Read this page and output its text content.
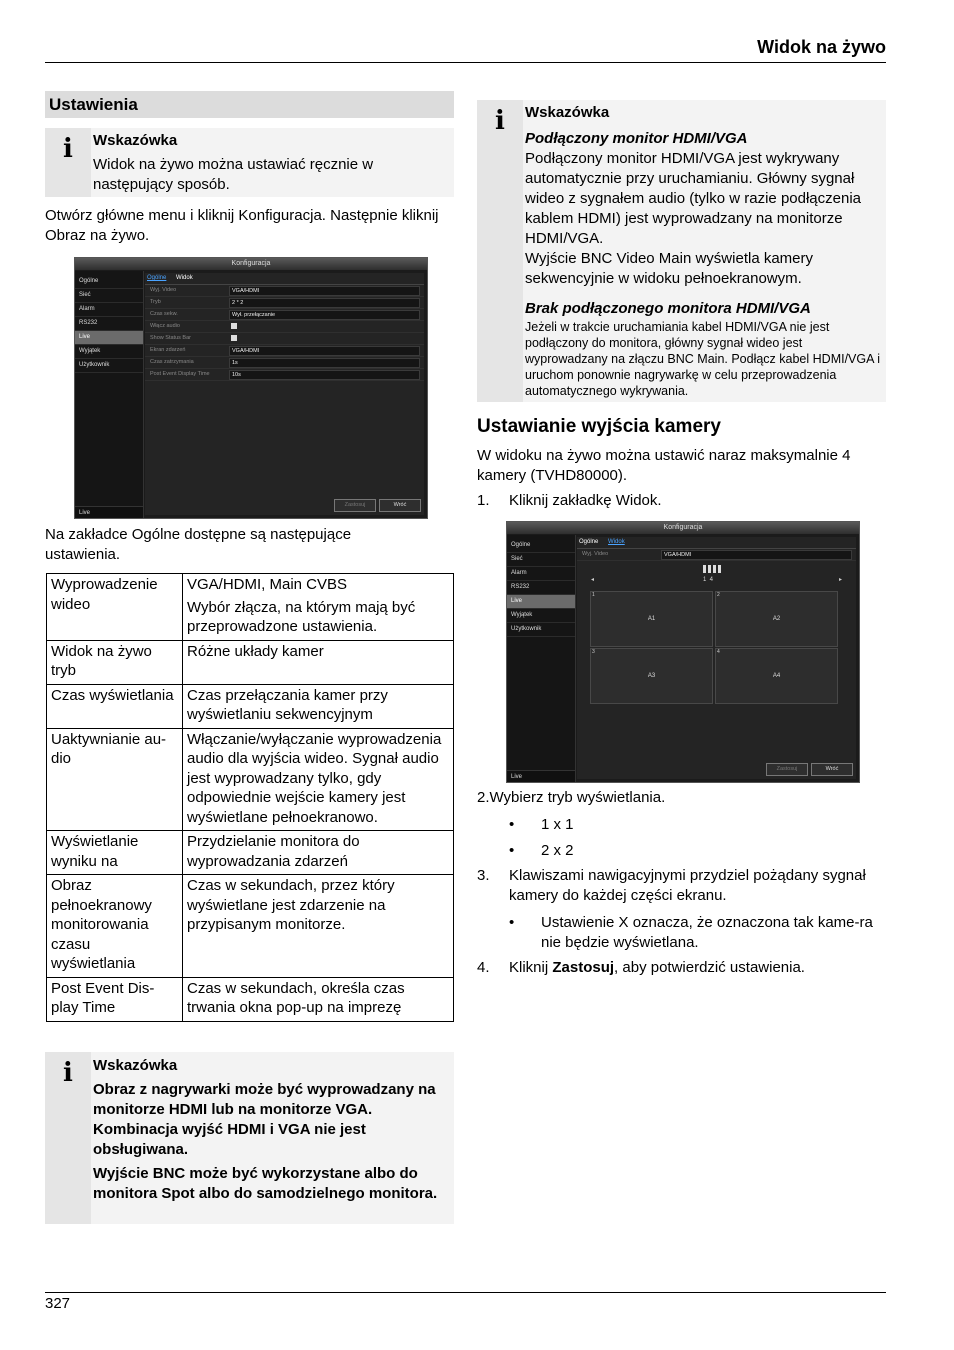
Widok na żywo
Ustawienia
i	Wskazówka

Widok na żywo można ustawiać ręcznie w następujący sposób.

Otwórz główne menu i kliknij Konfiguracja. Następnie kliknij Obraz na żywo.

Konfiguracja
Ogólne
Sieć
Alarm
RS232
Live
Wyjątek
Użytkownik
Ogólne Widok
Wyj. Video	VGA/HDMI
Tryb	2 * 2
Czas sekw.	Wył. przełączanie
Włącz audio
Show Status Bar
Ekran zdarzeń	VGA/HDMI
Czas zatrzymania	1s
Post Event Display Time	10s
Zastosuj	Wróć
Live

Na zakładce Ogólne dostępne są następujące ustawienia.

Wyprowadzenie wideo	VGA/HDMI, Main CVBS

Wybór złącza, na którym mają być przeprowadzone ustawienia.

Widok na żywo tryb	Różne układy kamer
Czas wyświetlania	Czas przełączania kamer przy wyświetlaniu sekwencyjnym
Uaktywnianie au-dio	Włączanie/wyłączanie wyprowadzenia audio dla wyjścia wideo. Sygnał audio jest wyprowadzany tylko, gdy odpowiednie wejście kamery jest wyświetlane pełnoekranowo.
Wyświetlanie wyniku na	Przydzielanie monitora do wyprowadzania zdarzeń
Obraz pełnoekranowy monitorowania czasu wyświetlania	Czas w sekundach, przez który wyświetlane jest zdarzenie na przypisanym monitorze.
Post Event Dis-play Time	Czas w sekundach, określa czas trwania okna pop-up na imprezę
i	Wskazówka

Obraz z nagrywarki może być wyprowadzany na monitorze HDMI lub na monitorze VGA. Kombinacja wyjść HDMI i VGA nie jest obsługiwana.

Wyjście BNC może być wykorzystane albo do monitora Spot albo do samodzielnego monitora.

i	Wskazówka

Podłączony monitor HDMI/VGA

Podłączony monitor HDMI/VGA jest wykrywany automatycznie przy uruchamianiu. Główny sygnał wideo z sygnałem audio (tylko w razie podłączenia kablem HDMI) jest wyprowadzany na monitorze HDMI/VGA.

Wyjście BNC Video Main wyświetla kamery sekwencyjnie w widoku pełnoekranowym.

Brak podłączonego monitora HDMI/VGA

Jeżeli w trakcie uruchamiania kabel HDMI/VGA nie jest podłączony do monitora, główny sygnał wideo jest wyprowadzany na złączu BNC Main. Podłącz kabel HDMI/VGA i uruchom ponownie nagrywarkę w celu przeprowadzenia automatycznego wykrywania.

Ustawianie wyjścia kamery

W widoku na żywo można ustawić naraz maksymalnie 4 kamery (TVHD80000).

1. Kliknij zakładkę Widok.
Konfiguracja
Ogólne
Sieć
Alarm
RS232
Live
Wyjątek
Użytkownik
Ogólne Widok
Wyj. Video	VGA/HDMI
1  4
◂	▸
1
A1
2
A2
3
A3
4
A4
Zastosuj	Wróć
Live

2.Wybierz tryb wyświetlania.

• 1 x 1
• 2 x 2
3. Klawiszami nawigacyjnymi przydziel pożądany sygnał kamery do każdej części ekranu.
• Ustawienie X oznacza, że oznaczona tak kame-ra nie będzie wyświetlana.
4. Kliknij Zastosuj, aby potwierdzić ustawienia.
327
